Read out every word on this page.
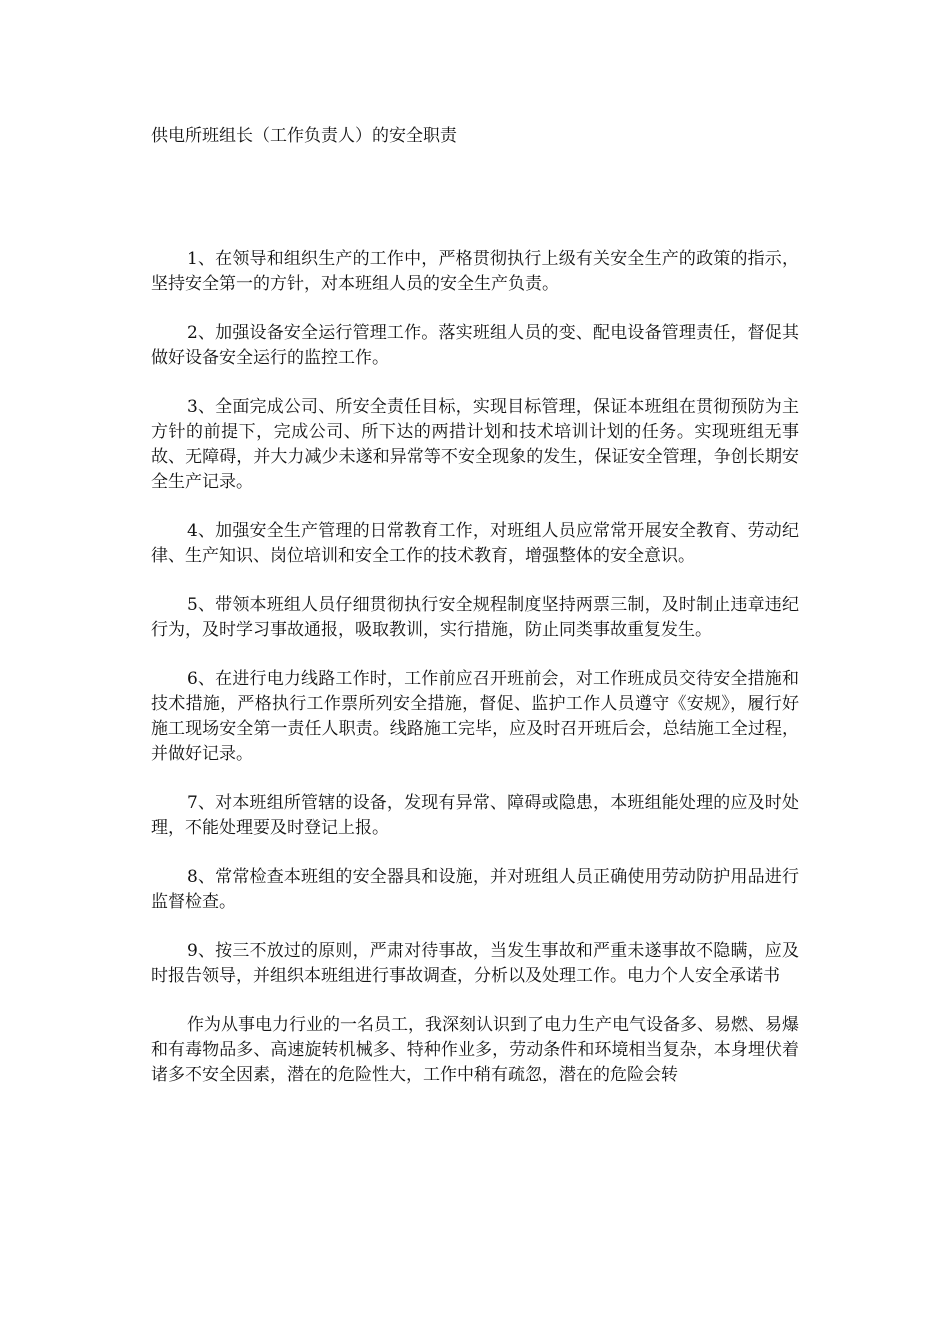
供电所班组长（工作负责人）的安全职责

1、在领导和组织生产的工作中，严格贯彻执行上级有关安全生产的政策的指示，坚持安全第一的方针，对本班组人员的安全生产负责。

2、加强设备安全运行管理工作。落实班组人员的变、配电设备管理责任，督促其做好设备安全运行的监控工作。

3、全面完成公司、所安全责任目标，实现目标管理，保证本班组在贯彻预防为主方针的前提下，完成公司、所下达的两措计划和技术培训计划的任务。实现班组无事故、无障碍，并大力减少未遂和异常等不安全现象的发生，保证安全管理，争创长期安全生产记录。

4、加强安全生产管理的日常教育工作，对班组人员应常常开展安全教育、劳动纪律、生产知识、岗位培训和安全工作的技术教育，增强整体的安全意识。

5、带领本班组人员仔细贯彻执行安全规程制度坚持两票三制，及时制止违章违纪行为，及时学习事故通报，吸取教训，实行措施，防止同类事故重复发生。

6、在进行电力线路工作时，工作前应召开班前会，对工作班成员交待安全措施和技术措施，严格执行工作票所列安全措施，督促、监护工作人员遵守《安规》，履行好施工现场安全第一责任人职责。线路施工完毕，应及时召开班后会，总结施工全过程，并做好记录。

7、对本班组所管辖的设备，发现有异常、障碍或隐患，本班组能处理的应及时处理，不能处理要及时登记上报。

8、常常检查本班组的安全器具和设施，并对班组人员正确使用劳动防护用品进行监督检查。

9、按三不放过的原则，严肃对待事故，当发生事故和严重未遂事故不隐瞒，应及时报告领导，并组织本班组进行事故调查，分析以及处理工作。电力个人安全承诺书

作为从事电力行业的一名员工，我深刻认识到了电力生产电气设备多、易燃、易爆和有毒物品多、高速旋转机械多、特种作业多，劳动条件和环境相当复杂，本身埋伏着诸多不安全因素，潜在的危险性大，工作中稍有疏忽，潜在的危险会转
